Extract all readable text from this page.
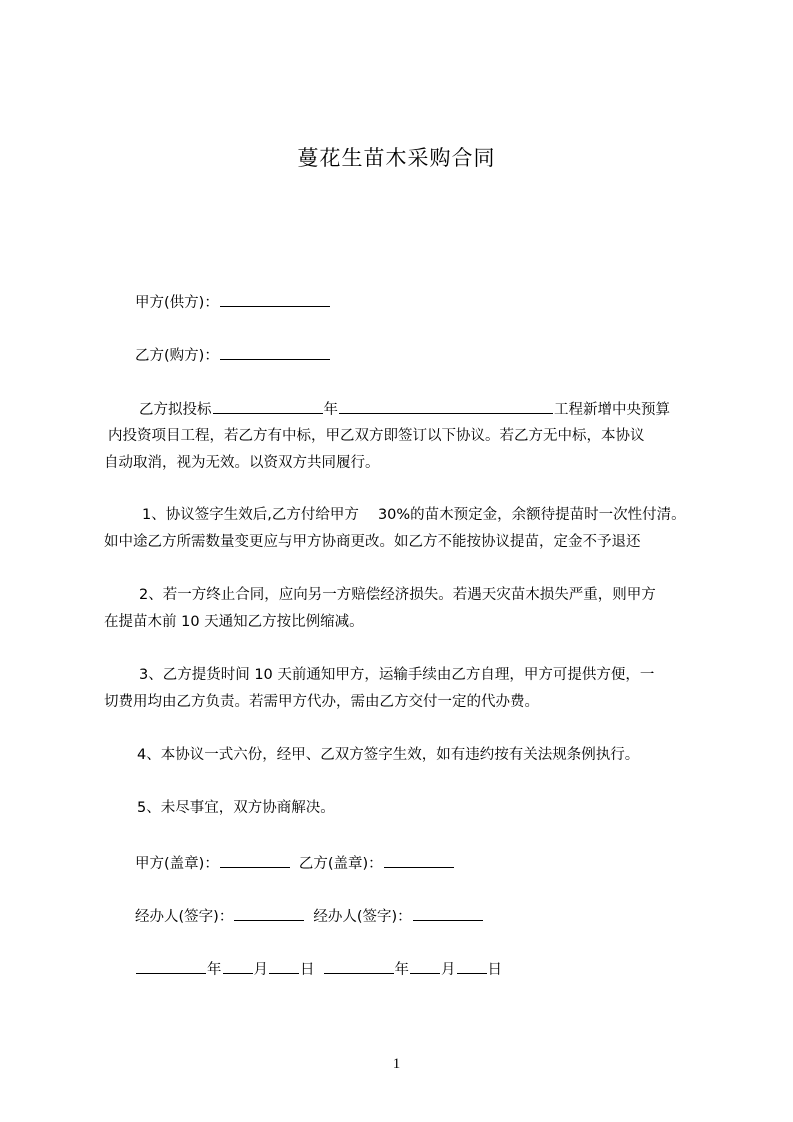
蔓花生苗木采购合同
甲方(供方)：
乙方(购方)：
乙方拟投标	年	工程新增中央预算
内投资项目工程，若乙方有中标，甲乙双方即签订以下协议。若乙方无中标，本协议
自动取消，视为无效。以资双方共同履行。
1、协议签字生效后,乙方付给甲方　 30%的苗木预定金，余额待提苗时一次性付清。
如中途乙方所需数量变更应与甲方协商更改。如乙方不能按协议提苗，定金不予退还
2、若一方终止合同，应向另一方赔偿经济损失。若遇天灾苗木损失严重，则甲方
在提苗木前 10 天通知乙方按比例缩减。
3、乙方提货时间 10 天前通知甲方，运输手续由乙方自理，甲方可提供方便，一
切费用均由乙方负责。若需甲方代办，需由乙方交付一定的代办费。
4、本协议一式六份，经甲、乙双方签字生效，如有违约按有关法规条例执行。
5、未尽事宜，双方协商解决。
甲方(盖章)：	乙方(盖章)：
经办人(签字)：	经办人(签字)：
年 月 日	年 月 日
1
